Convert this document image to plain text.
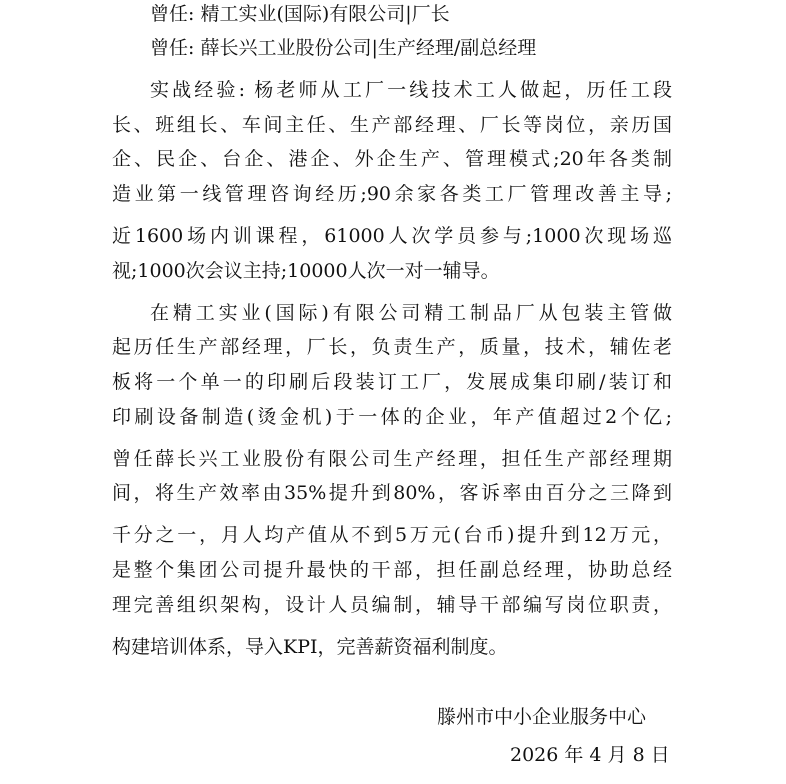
曾任: 精工实业(国际)有限公司|厂长
曾任: 薛长兴工业股份公司|生产经理/副总经理
实战经验: 杨老师从工厂一线技术工人做起，历任工段
长、班组长、车间主任、生产部经理、厂长等岗位，亲历国
企、民企、台企、港企、外企生产、管理模式;20年各类制
造业第一线管理咨询经历;90余家各类工厂管理改善主导;
近1600场内训课程，61000人次学员参与;1000次现场巡
视;1000次会议主持;10000人次一对一辅导。
在精工实业(国际)有限公司精工制品厂从包装主管做
起历任生产部经理，厂长，负责生产，质量，技术，辅佐老
板将一个单一的印刷后段装订工厂，发展成集印刷/装订和
印刷设备制造(烫金机)于一体的企业，年产值超过2个亿;
曾任薛长兴工业股份有限公司生产经理，担任生产部经理期
间，将生产效率由35%提升到80%，客诉率由百分之三降到
千分之一，月人均产值从不到5万元(台币)提升到12万元，
是整个集团公司提升最快的干部，担任副总经理，协助总经
理完善组织架构，设计人员编制，辅导干部编写岗位职责，
构建培训体系，导入KPI，完善薪资福利制度。
滕州市中小企业服务中心
2026 年 4 月 8 日
